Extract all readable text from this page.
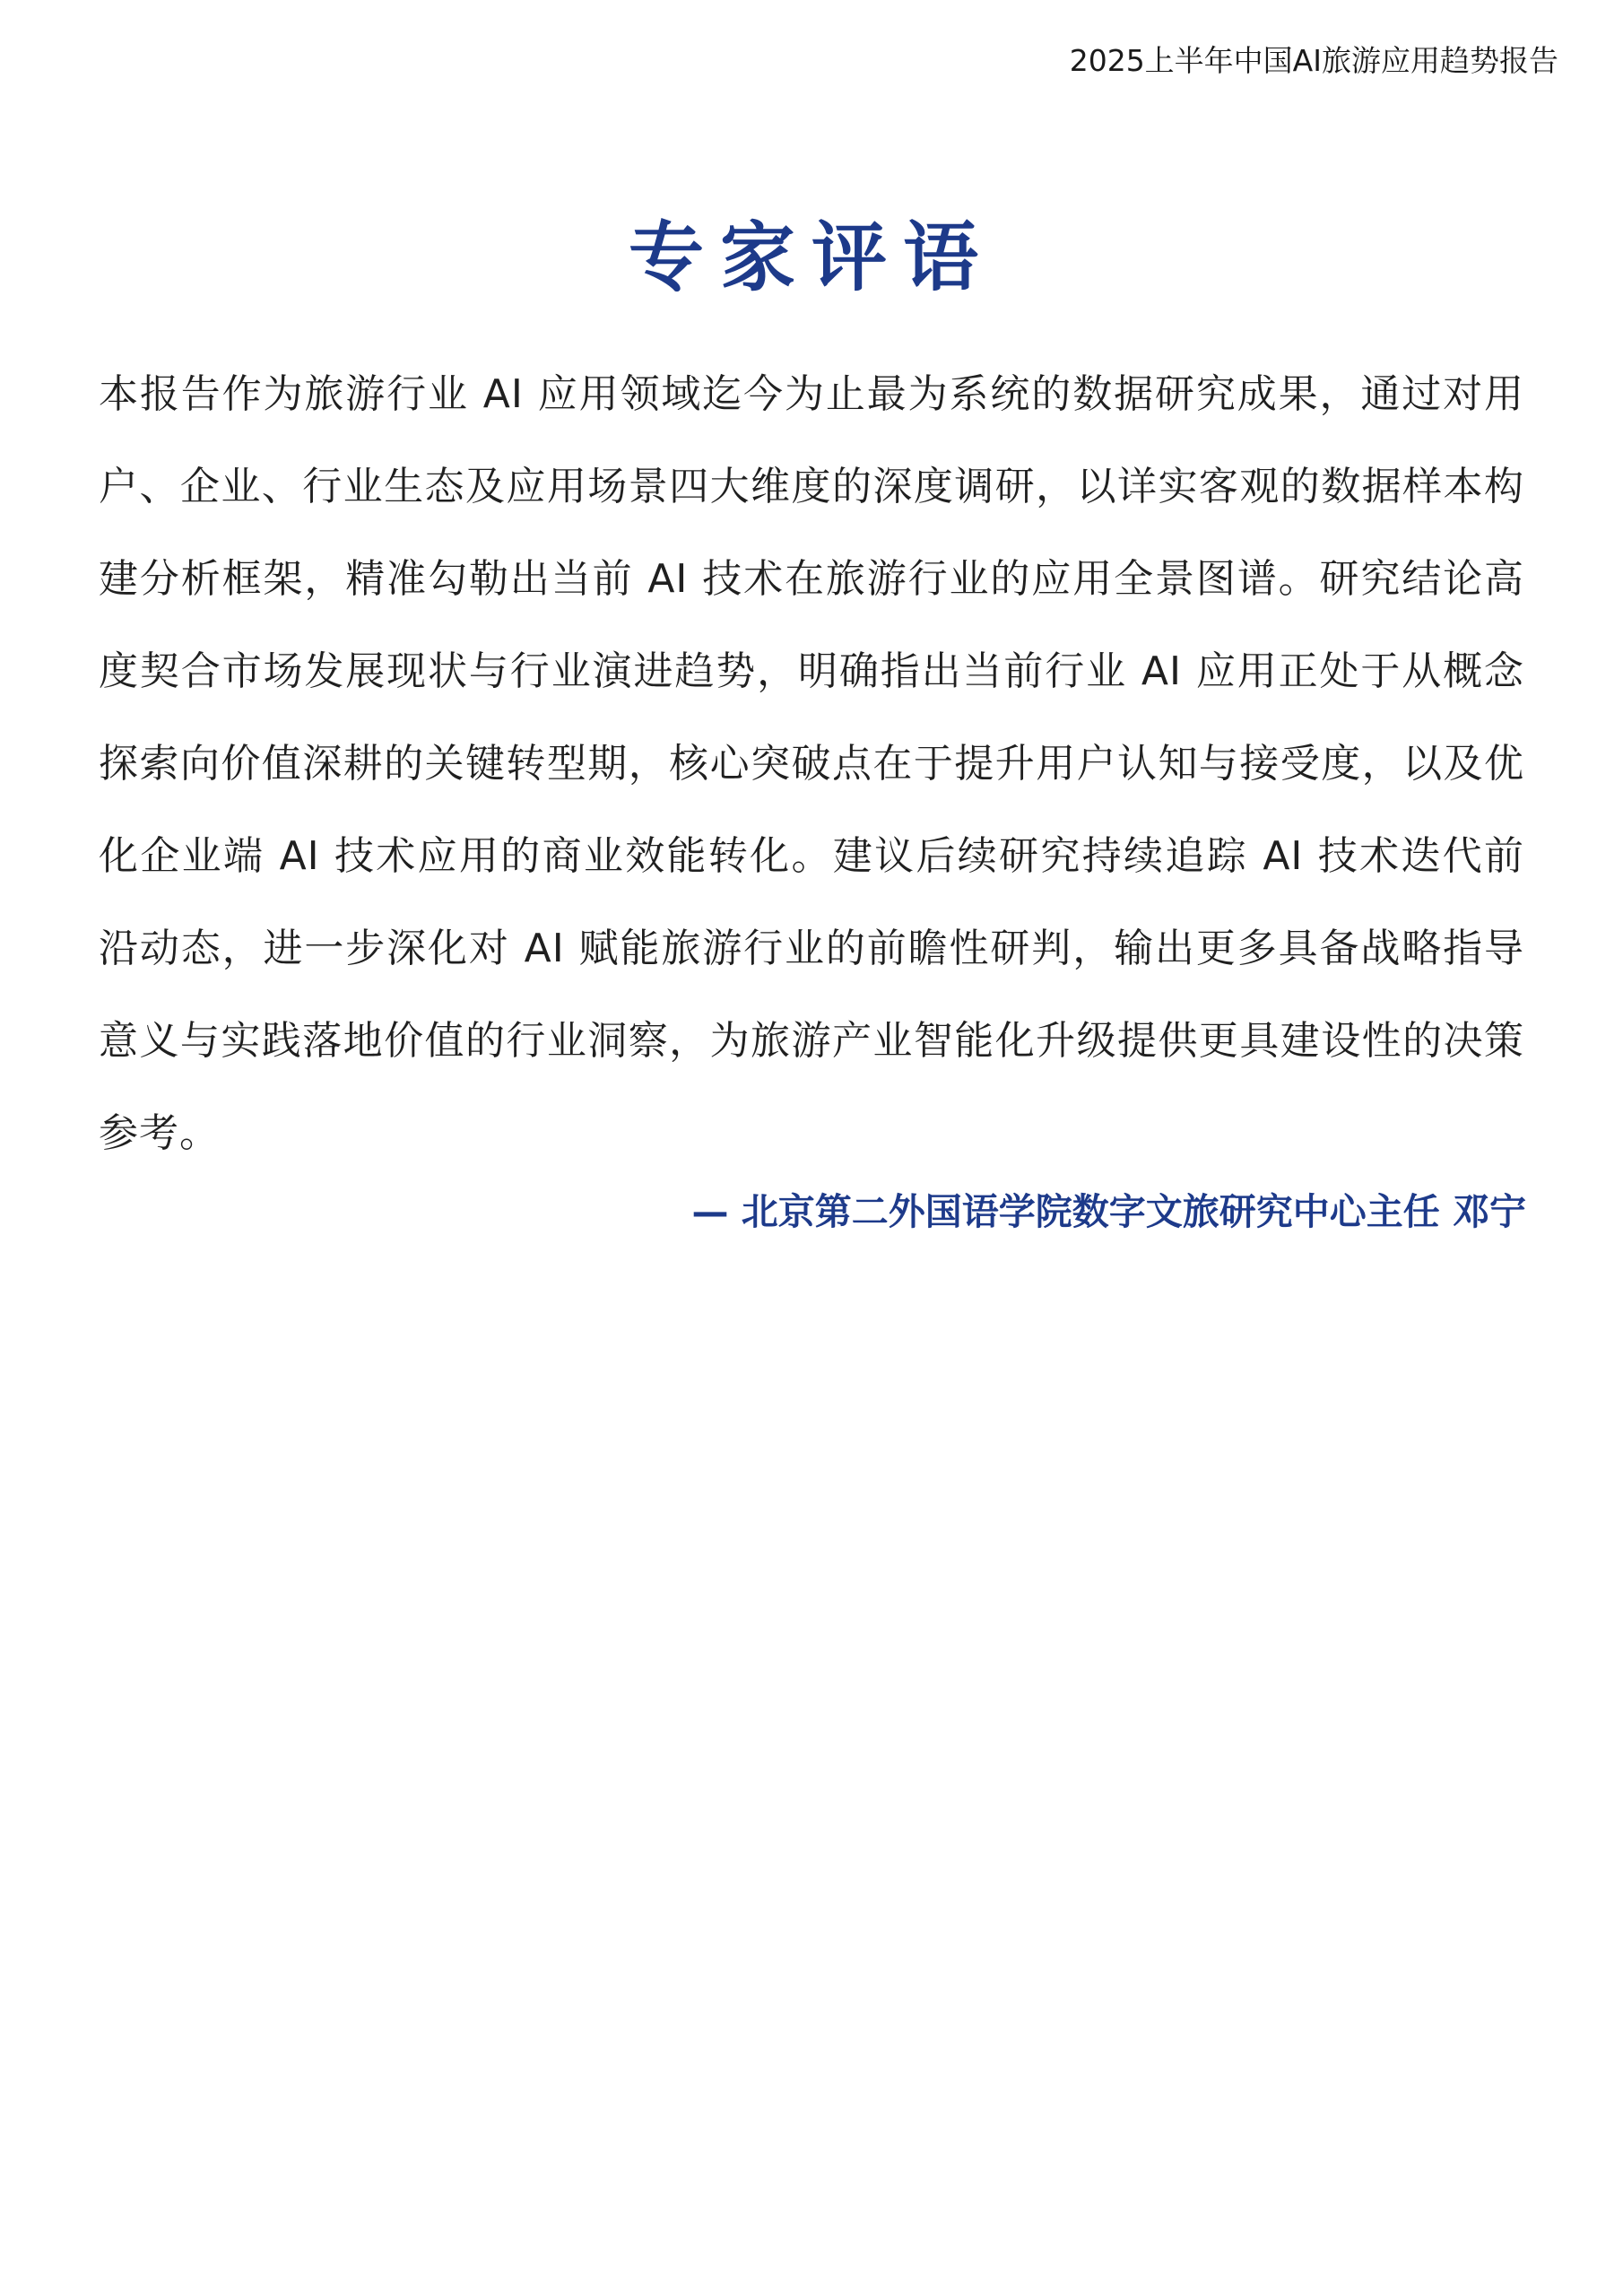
2025上半年中国AI旅游应用趋势报告
专家评语
本报告作为旅游行业 AI 应用领域迄今为止最为系统的数据研究成果，通过对用户、企业、行业生态及应用场景四大维度的深度调研，以详实客观的数据样本构建分析框架，精准勾勒出当前 AI 技术在旅游行业的应用全景图谱。研究结论高度契合市场发展现状与行业演进趋势，明确指出当前行业 AI 应用正处于从概念探索向价值深耕的关键转型期，核心突破点在于提升用户认知与接受度，以及优化企业端 AI 技术应用的商业效能转化。建议后续研究持续追踪 AI 技术迭代前沿动态，进一步深化对 AI 赋能旅游行业的前瞻性研判，输出更多具备战略指导意义与实践落地价值的行业洞察，为旅游产业智能化升级提供更具建设性的决策参考。
— 北京第二外国语学院数字文旅研究中心主任 邓宁
